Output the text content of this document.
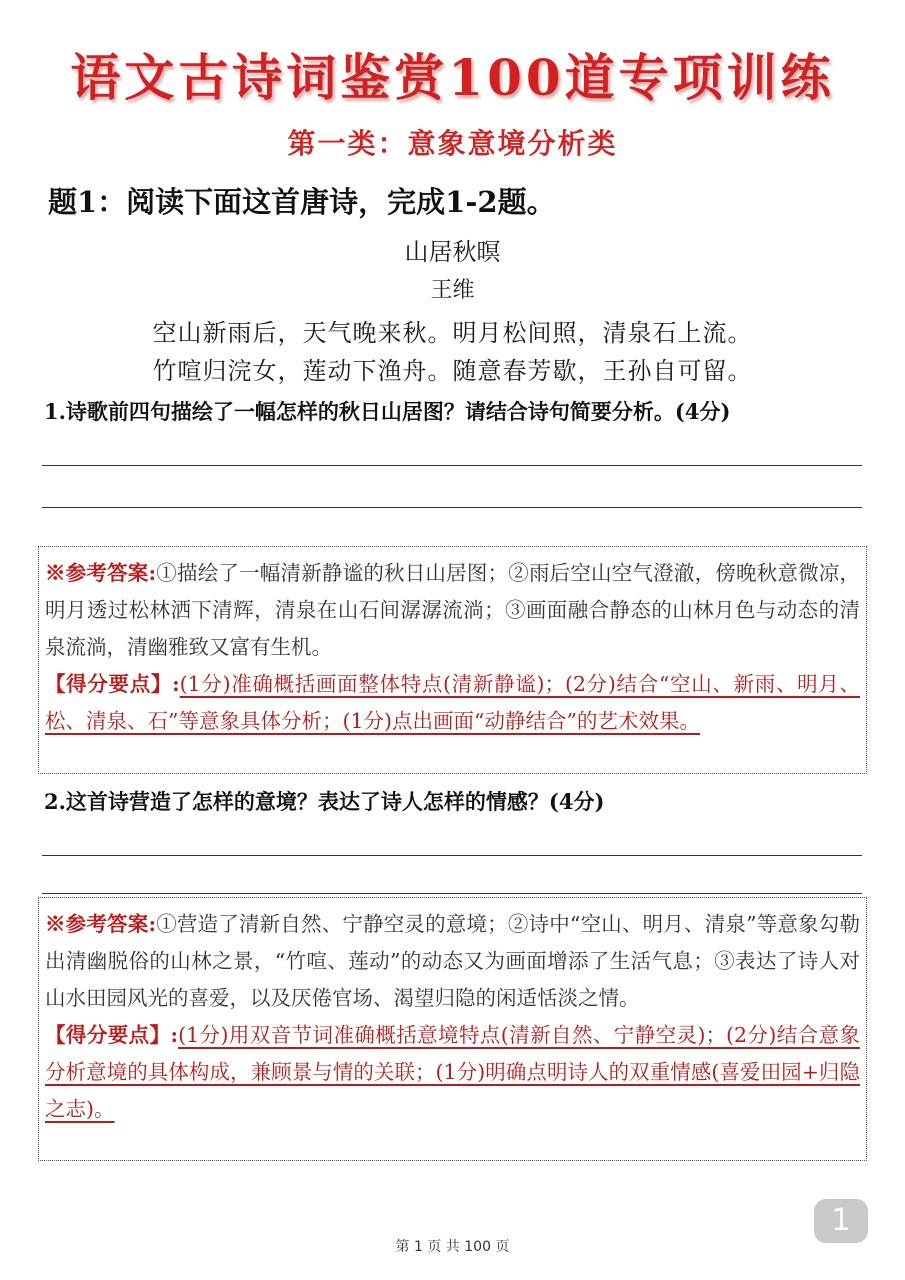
语文古诗词鉴赏100道专项训练
第一类：意象意境分析类
题1：阅读下面这首唐诗，完成1-2题。
山居秋暝
王维
空山新雨后，天气晚来秋。明月松间照，清泉石上流。
竹喧归浣女，莲动下渔舟。随意春芳歇，王孙自可留。
1.诗歌前四句描绘了一幅怎样的秋日山居图？请结合诗句简要分析。(4分)

※参考答案:①描绘了一幅清新静谧的秋日山居图；②雨后空山空气澄澈，傍晚秋意微凉，明月透过松林洒下清辉，清泉在山石间潺潺流淌；③画面融合静态的山林月色与动态的清泉流淌，清幽雅致又富有生机。

【得分要点】:(1分)准确概括画面整体特点(清新静谧)；(2分)结合“空山、新雨、明月、松、清泉、石”等意象具体分析；(1分)点出画面“动静结合”的艺术效果。

2.这首诗营造了怎样的意境？表达了诗人怎样的情感？(4分)

※参考答案:①营造了清新自然、宁静空灵的意境；②诗中“空山、明月、清泉”等意象勾勒出清幽脱俗的山林之景，“竹喧、莲动”的动态又为画面增添了生活气息；③表达了诗人对山水田园风光的喜爱，以及厌倦官场、渴望归隐的闲适恬淡之情。

【得分要点】:(1分)用双音节词准确概括意境特点(清新自然、宁静空灵)；(2分)结合意象分析意境的具体构成，兼顾景与情的关联；(1分)明确点明诗人的双重情感(喜爱田园+归隐之志)。

1
第 1 页 共 100 页
